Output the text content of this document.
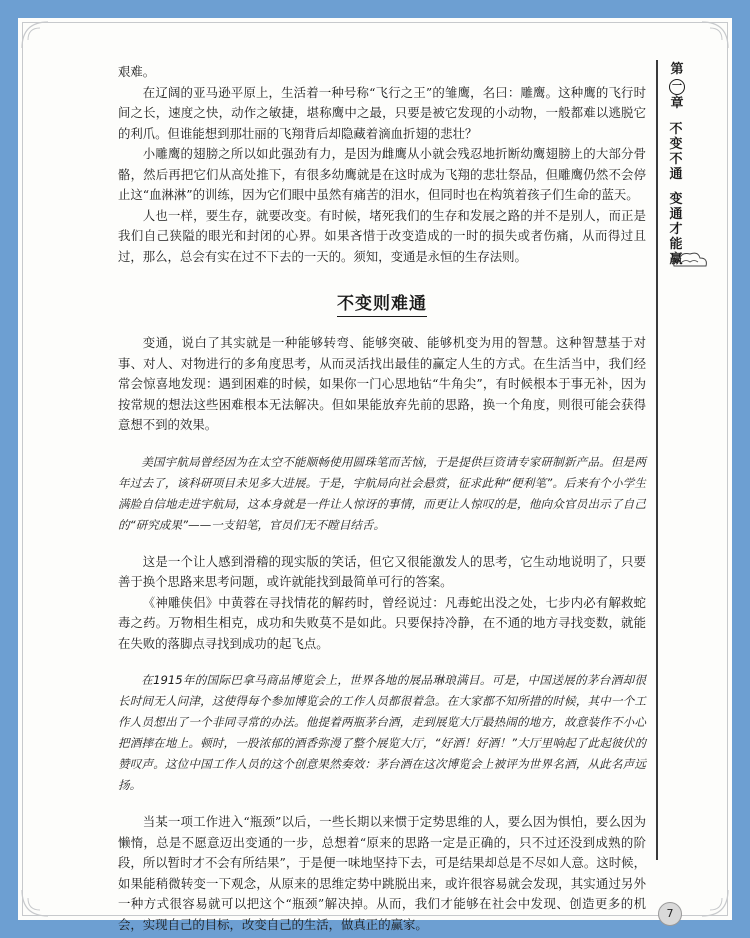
艰难。

在辽阔的亚马逊平原上，生活着一种号称“飞行之王”的雏鹰，名曰：雕鹰。这种鹰的飞行时间之长，速度之快，动作之敏捷，堪称鹰中之最，只要是被它发现的小动物，一般都难以逃脱它的利爪。但谁能想到那壮丽的飞翔背后却隐藏着滴血折翅的悲壮？

小雕鹰的翅膀之所以如此强劲有力，是因为雌鹰从小就会残忍地折断幼鹰翅膀上的大部分骨骼，然后再把它们从高处推下，有很多幼鹰就是在这时成为飞翔的悲壮祭品，但雕鹰仍然不会停止这“血淋淋”的训练，因为它们眼中虽然有痛苦的泪水，但同时也在构筑着孩子们生命的蓝天。

人也一样，要生存，就要改变。有时候，堵死我们的生存和发展之路的并不是别人，而正是我们自己狭隘的眼光和封闭的心界。如果吝惜于改变造成的一时的损失或者伤痛，从而得过且过，那么，总会有实在过不下去的一天的。须知，变通是永恒的生存法则。

不变则难通

变通，说白了其实就是一种能够转弯、能够突破、能够机变为用的智慧。这种智慧基于对事、对人、对物进行的多角度思考，从而灵活找出最佳的赢定人生的方式。在生活当中，我们经常会惊喜地发现：遇到困难的时候，如果你一门心思地钻“牛角尖”，有时候根本于事无补，因为按常规的想法这些困难根本无法解决。但如果能放弃先前的思路，换一个角度，则很可能会获得意想不到的效果。

美国宇航局曾经因为在太空不能顺畅使用圆珠笔而苦恼，于是提供巨资请专家研制新产品。但是两年过去了，该科研项目未见多大进展。于是，宇航局向社会悬赏，征求此种“便利笔”。后来有个小学生满脸自信地走进宇航局，这本身就是一件让人惊讶的事情，而更让人惊叹的是，他向众官员出示了自己的“研究成果”——一支铅笔，官员们无不瞠目结舌。

这是一个让人感到滑稽的现实版的笑话，但它又很能激发人的思考，它生动地说明了，只要善于换个思路来思考问题，或许就能找到最简单可行的答案。

《神雕侠侣》中黄蓉在寻找情花的解药时，曾经说过：凡毒蛇出没之处，七步内必有解救蛇毒之药。万物相生相克，成功和失败莫不是如此。只要保持冷静，在不通的地方寻找变数，就能在失败的落脚点寻找到成功的起飞点。

在1915年的国际巴拿马商品博览会上，世界各地的展品琳琅满目。可是，中国送展的茅台酒却很长时间无人问津，这使得每个参加博览会的工作人员都很着急。在大家都不知所措的时候，其中一个工作人员想出了一个非同寻常的办法。他提着两瓶茅台酒，走到展览大厅最热闹的地方，故意装作不小心把酒摔在地上。顿时，一股浓郁的酒香弥漫了整个展览大厅，“好酒！好酒！”大厅里响起了此起彼伏的赞叹声。这位中国工作人员的这个创意果然奏效：茅台酒在这次博览会上被评为世界名酒，从此名声远扬。

当某一项工作进入“瓶颈”以后，一些长期以来惯于定势思维的人，要么因为惧怕，要么因为懒惰，总是不愿意迈出变通的一步，总想着“原来的思路一定是正确的，只不过还没到成熟的阶段，所以暂时才不会有所结果”，于是便一味地坚持下去，可是结果却总是不尽如人意。这时候，如果能稍微转变一下观念，从原来的思维定势中跳脱出来，或许很容易就会发现，其实通过另外一种方式很容易就可以把这个“瓶颈”解决掉。从而，我们才能够在社会中发现、创造更多的机会，实现自己的目标，改变自己的生活，做真正的赢家。

第
一
章
不变不通
变通才能赢
7
